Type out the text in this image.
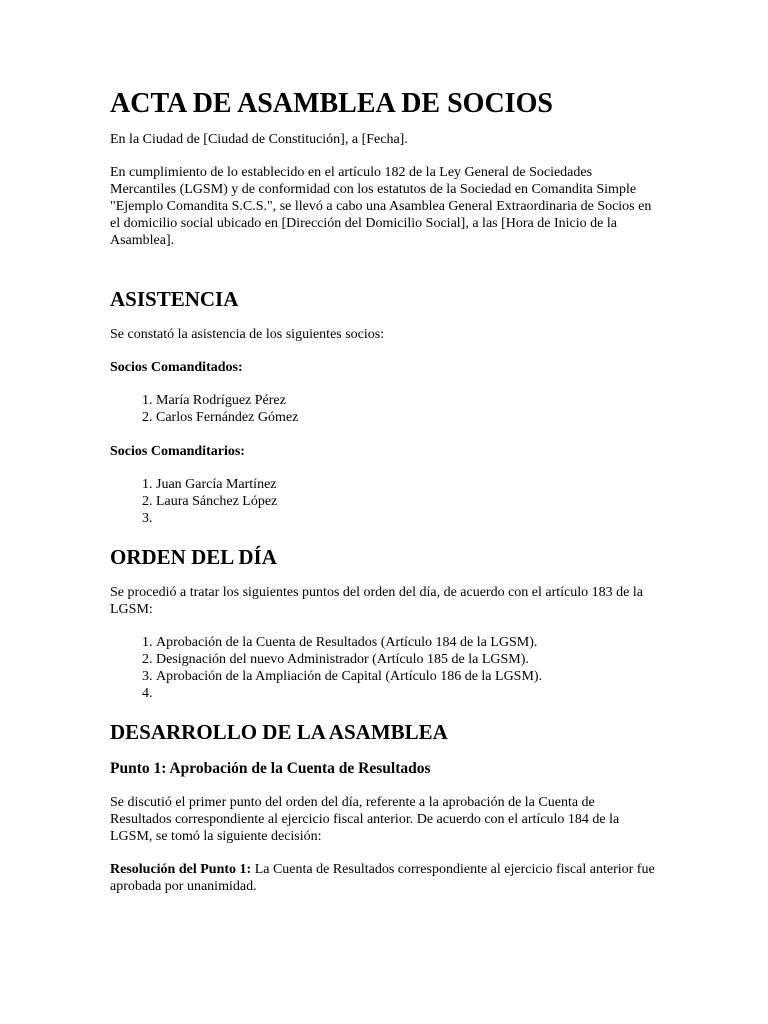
ACTA DE ASAMBLEA DE SOCIOS

En la Ciudad de [Ciudad de Constitución], a [Fecha].

En cumplimiento de lo establecido en el artículo 182 de la Ley General de Sociedades Mercantiles (LGSM) y de conformidad con los estatutos de la Sociedad en Comandita Simple "Ejemplo Comandita S.C.S.", se llevó a cabo una Asamblea General Extraordinaria de Socios en el domicilio social ubicado en [Dirección del Domicilio Social], a las [Hora de Inicio de la Asamblea].

ASISTENCIA

Se constató la asistencia de los siguientes socios:

Socios Comanditados:

1. María Rodríguez Pérez
2. Carlos Fernández Gómez

Socios Comanditarios:

1. Juan García Martínez
2. Laura Sánchez López
3.
ORDEN DEL DÍA

Se procedió a tratar los siguientes puntos del orden del día, de acuerdo con el artículo 183 de la LGSM:

1. Aprobación de la Cuenta de Resultados (Artículo 184 de la LGSM).
2. Designación del nuevo Administrador (Artículo 185 de la LGSM).
3. Aprobación de la Ampliación de Capital (Artículo 186 de la LGSM).
4.
DESARROLLO DE LA ASAMBLEA
Punto 1: Aprobación de la Cuenta de Resultados

Se discutió el primer punto del orden del día, referente a la aprobación de la Cuenta de Resultados correspondiente al ejercicio fiscal anterior. De acuerdo con el artículo 184 de la LGSM, se tomó la siguiente decisión:

Resolución del Punto 1: La Cuenta de Resultados correspondiente al ejercicio fiscal anterior fue aprobada por unanimidad.
